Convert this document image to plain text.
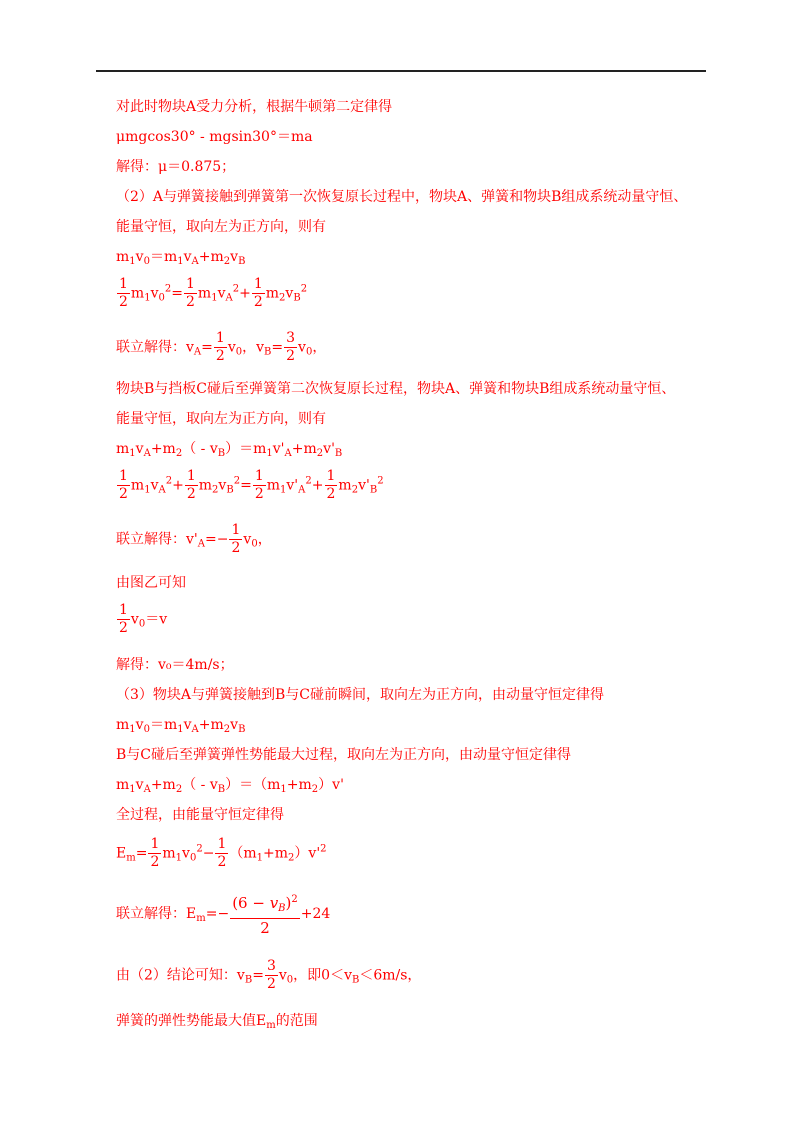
对此时物块A受力分析，根据牛顿第二定律得
μmgcos30° - mgsin30°＝ma
解得：μ＝0.875；
（2）A与弹簧接触到弹簧第一次恢复原长过程中，物块A、弹簧和物块B组成系统动量守恒、
能量守恒，取向左为正方向，则有
$m_1v_0=m_1v_A+m_2v_B$
$\frac{1}{2} m_1v_0^2= \frac{1}{2} m_1v_A^2+ \frac{1}{2} m_2v_B^2$
联立解得：$v_A= \frac{1}{2} v_0$，$v_B= \frac{3}{2} v_0$，
物块B与挡板C碰后至弹簧第二次恢复原长过程，物块A、弹簧和物块B组成系统动量守恒、
能量守恒，取向左为正方向，则有
$m_1v_A+m_2( - v_B)=m_1v'_A+m_2v'_B$
$\frac{1}{2} m_1v_A^2+ \frac{1}{2} m_2v_B^2= \frac{1}{2} m_1v'_A^2+ \frac{1}{2} m_2v'_B^2$
联立解得：$v'_A=- \frac{1}{2} v_0$，
由图乙可知
$\frac{1}{2} v_0=v$
解得：v₀＝4m/s；
（3）物块A与弹簧接触到B与C碰前瞬间，取向左为正方向，由动量守恒定律得
$m_1v_0=m_1v_A+m_2v_B$
B与C碰后至弹簧弹性势能最大过程，取向左为正方向，由动量守恒定律得
$m_1v_A+m_2( - v_B)=(m_1+m_2)v'$
全过程，由能量守恒定律得
$E_m= \frac{1}{2} m_1v_0^2- \frac{1}{2} (m_1+m_2)v'^2$
联立解得：$E_m=- \frac{(6 - v_B)^2}{2} +24$
由（2）结论可知：$v_B= \frac{3}{2} v_0$，即$0<v_B<6m/s$，
弹簧的弹性势能最大值$E_m$的范围
